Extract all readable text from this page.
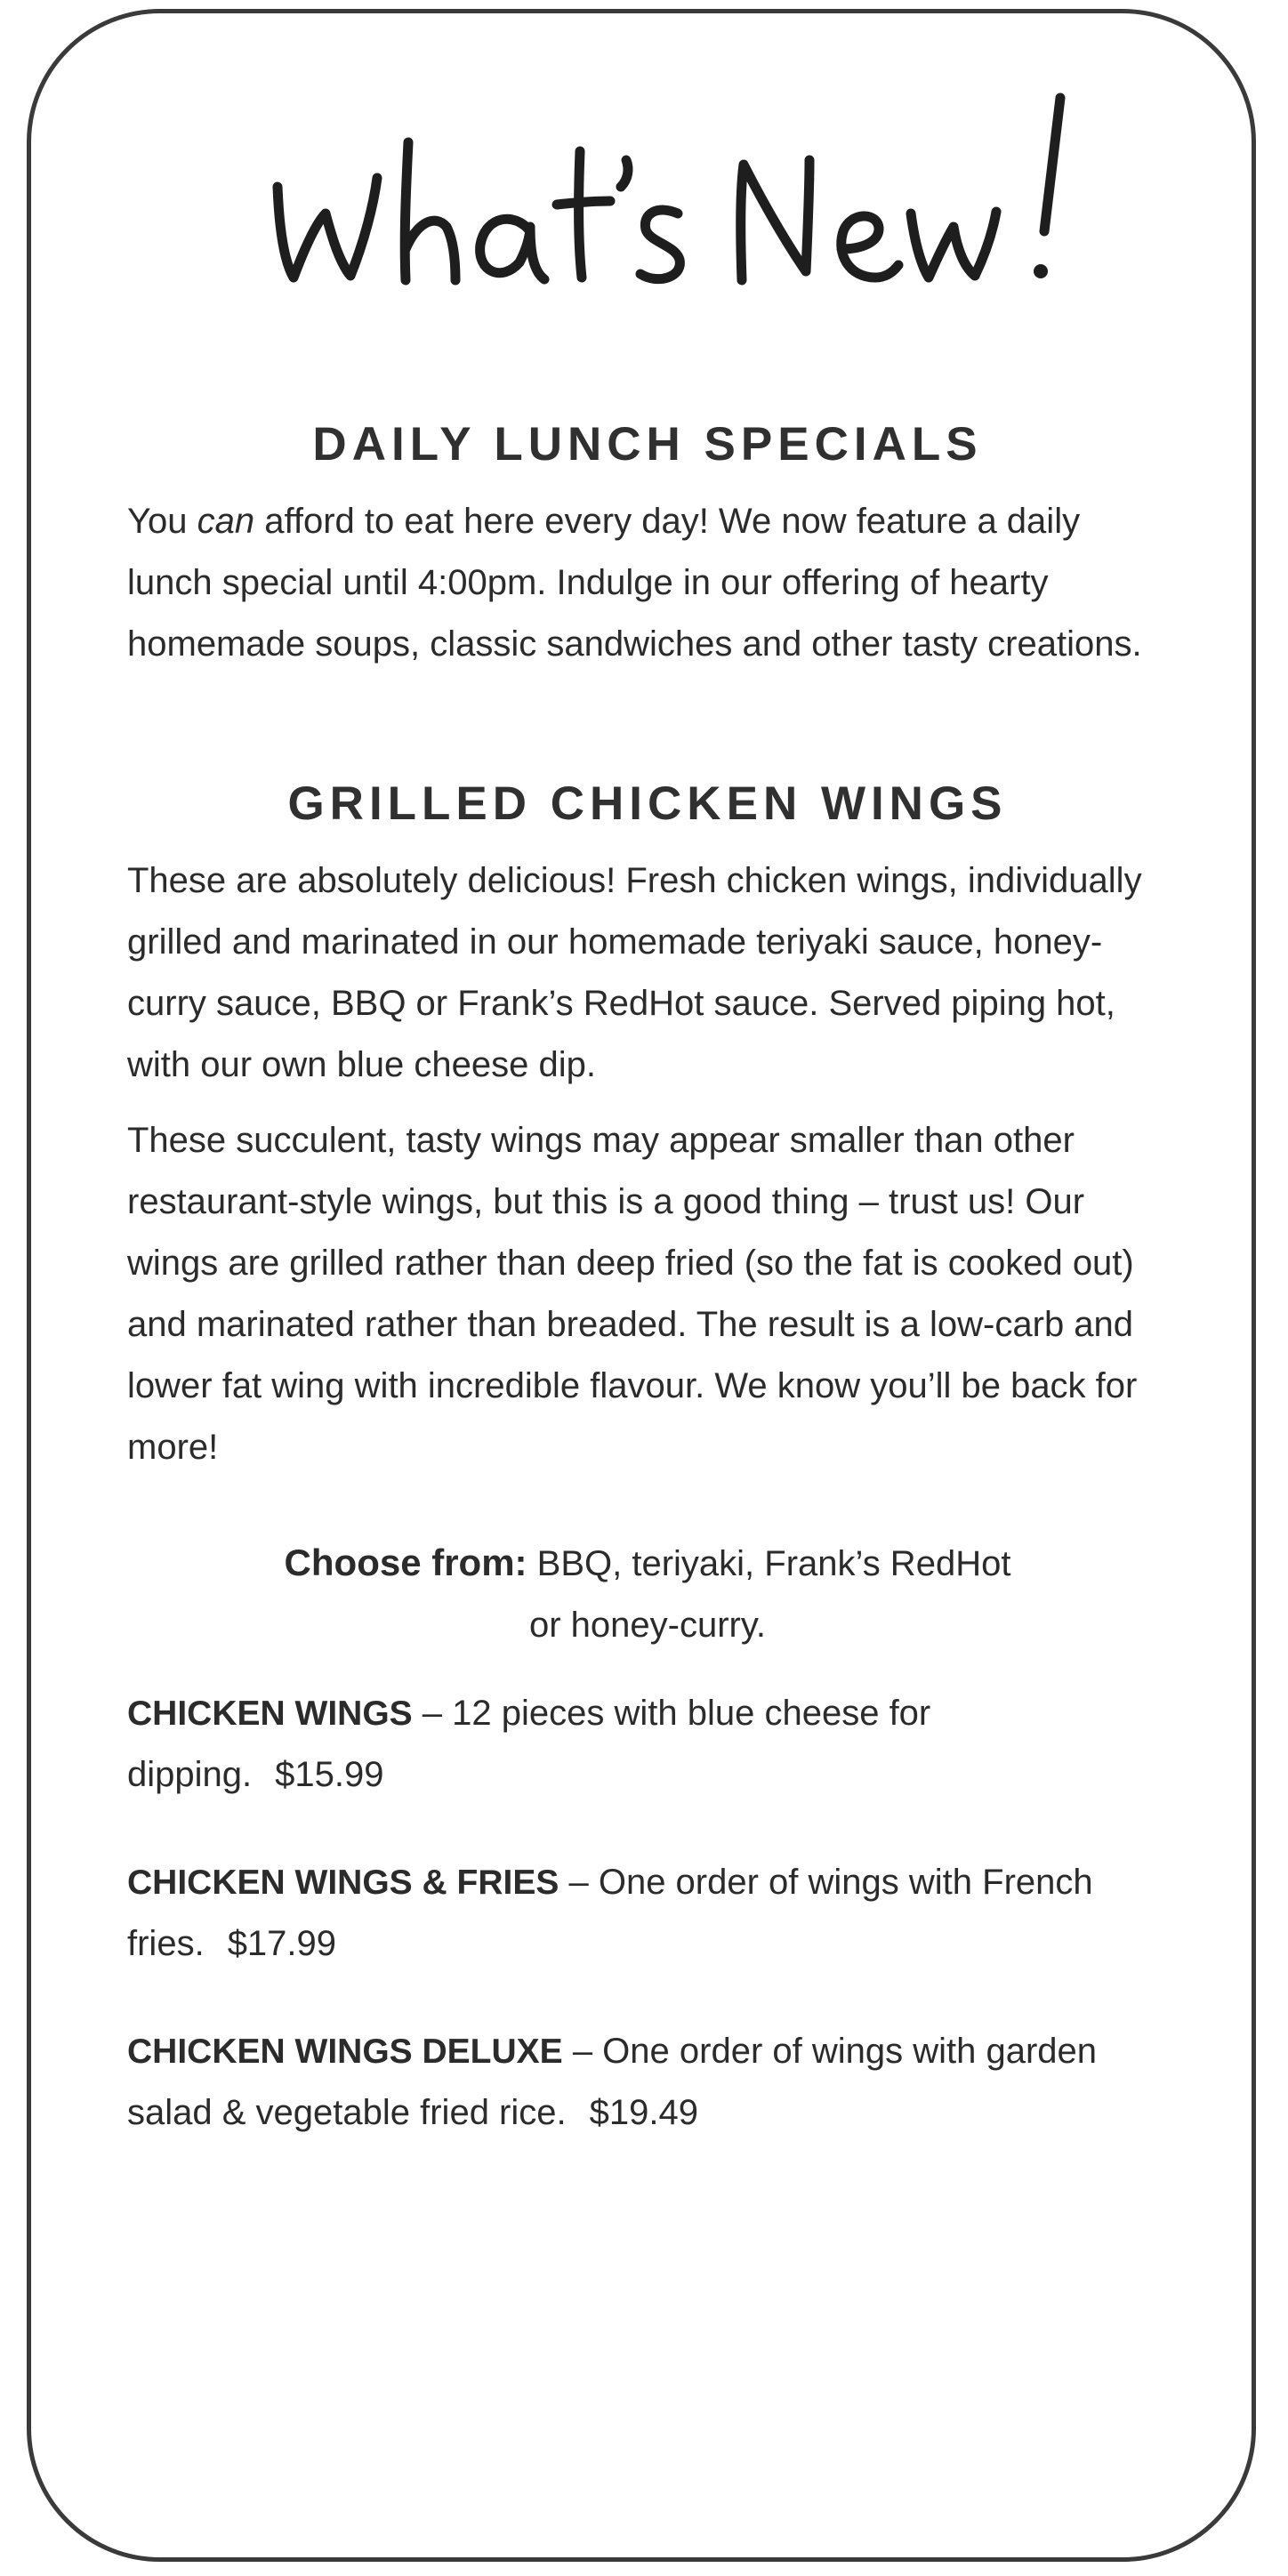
DAILY LUNCH SPECIALS

You can afford to eat here every day! We now feature a daily lunch special until 4:00pm. Indulge in our offering of hearty homemade soups, classic sandwiches and other tasty creations.

GRILLED CHICKEN WINGS

These are absolutely delicious! Fresh chicken wings, individually grilled and marinated in our homemade teriyaki sauce, honey-curry sauce, BBQ or Frank’s RedHot sauce. Served piping hot, with our own blue cheese dip.

These succulent, tasty wings may appear smaller than other restaurant-style wings, but this is a good thing – trust us! Our wings are grilled rather than deep fried (so the fat is cooked out) and marinated rather than breaded. The result is a low-carb and lower fat wing with incredible flavour. We know you’ll be back for more!

Choose from: BBQ, teriyaki, Frank’s RedHot
or honey-curry.

CHICKEN WINGS – 12 pieces with blue cheese for dipping. $15.99

CHICKEN WINGS & FRIES – One order of wings with French fries. $17.99

CHICKEN WINGS DELUXE – One order of wings with garden salad & vegetable fried rice. $19.49
